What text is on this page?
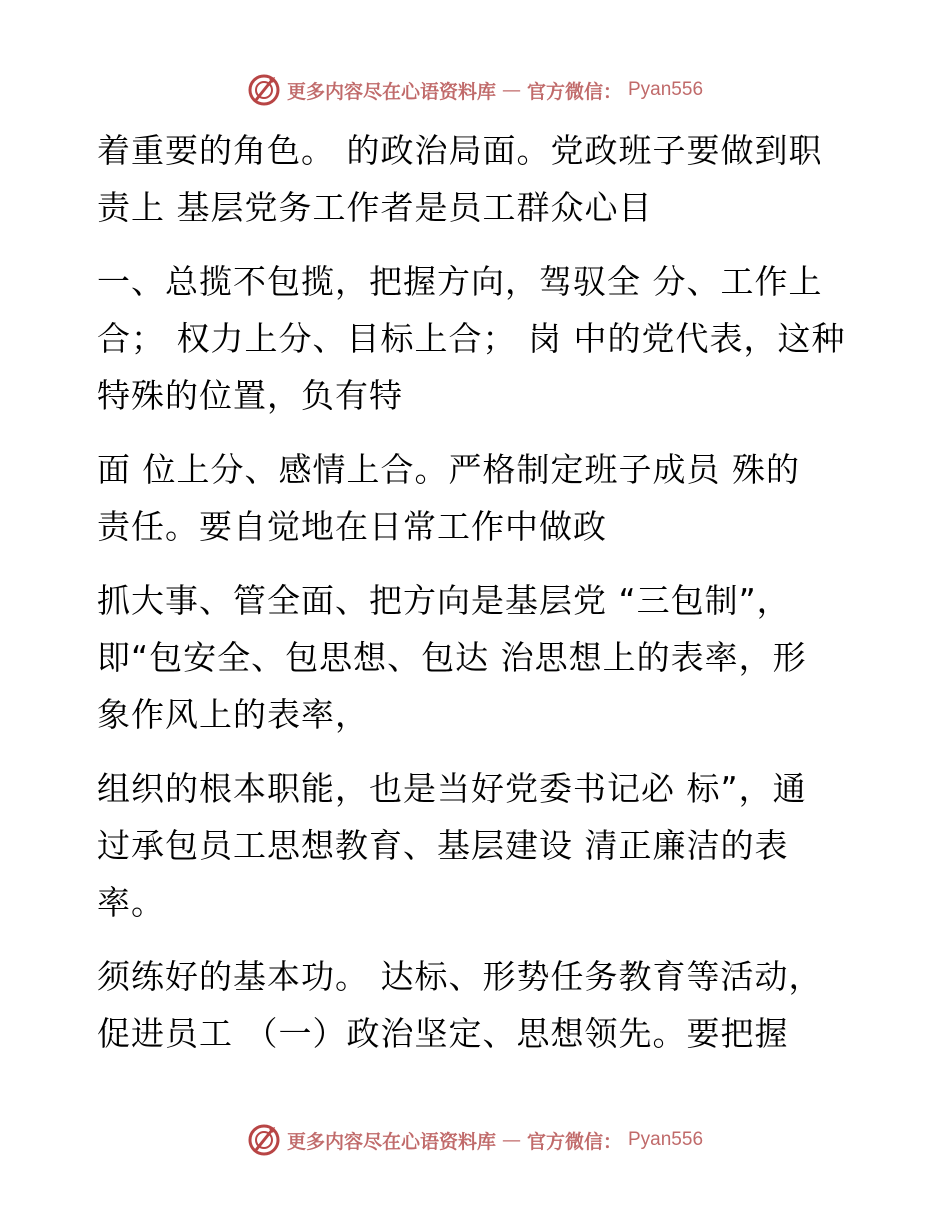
更多内容尽在心语资料库 — 官方微信： Pyan556

着重要的角色。 的政治局面。党政班子要做到职
责上 基层党务工作者是员工群众心目

一、总揽不包揽，把握方向，驾驭全 分、工作上
合； 权力上分、目标上合； 岗 中的党代表，这种
特殊的位置，负有特

面 位上分、感情上合。严格制定班子成员 殊的
责任。要自觉地在日常工作中做政

抓大事、管全面、把方向是基层党 “三包制”，
即“包安全、包思想、包达 治思想上的表率，形
象作风上的表率，

组织的根本职能，也是当好党委书记必 标”，通
过承包员工思想教育、基层建设 清正廉洁的表
率。

须练好的基本功。 达标、形势任务教育等活动，
促进员工 （一）政治坚定、思想领先。要把握

更多内容尽在心语资料库 — 官方微信： Pyan556
